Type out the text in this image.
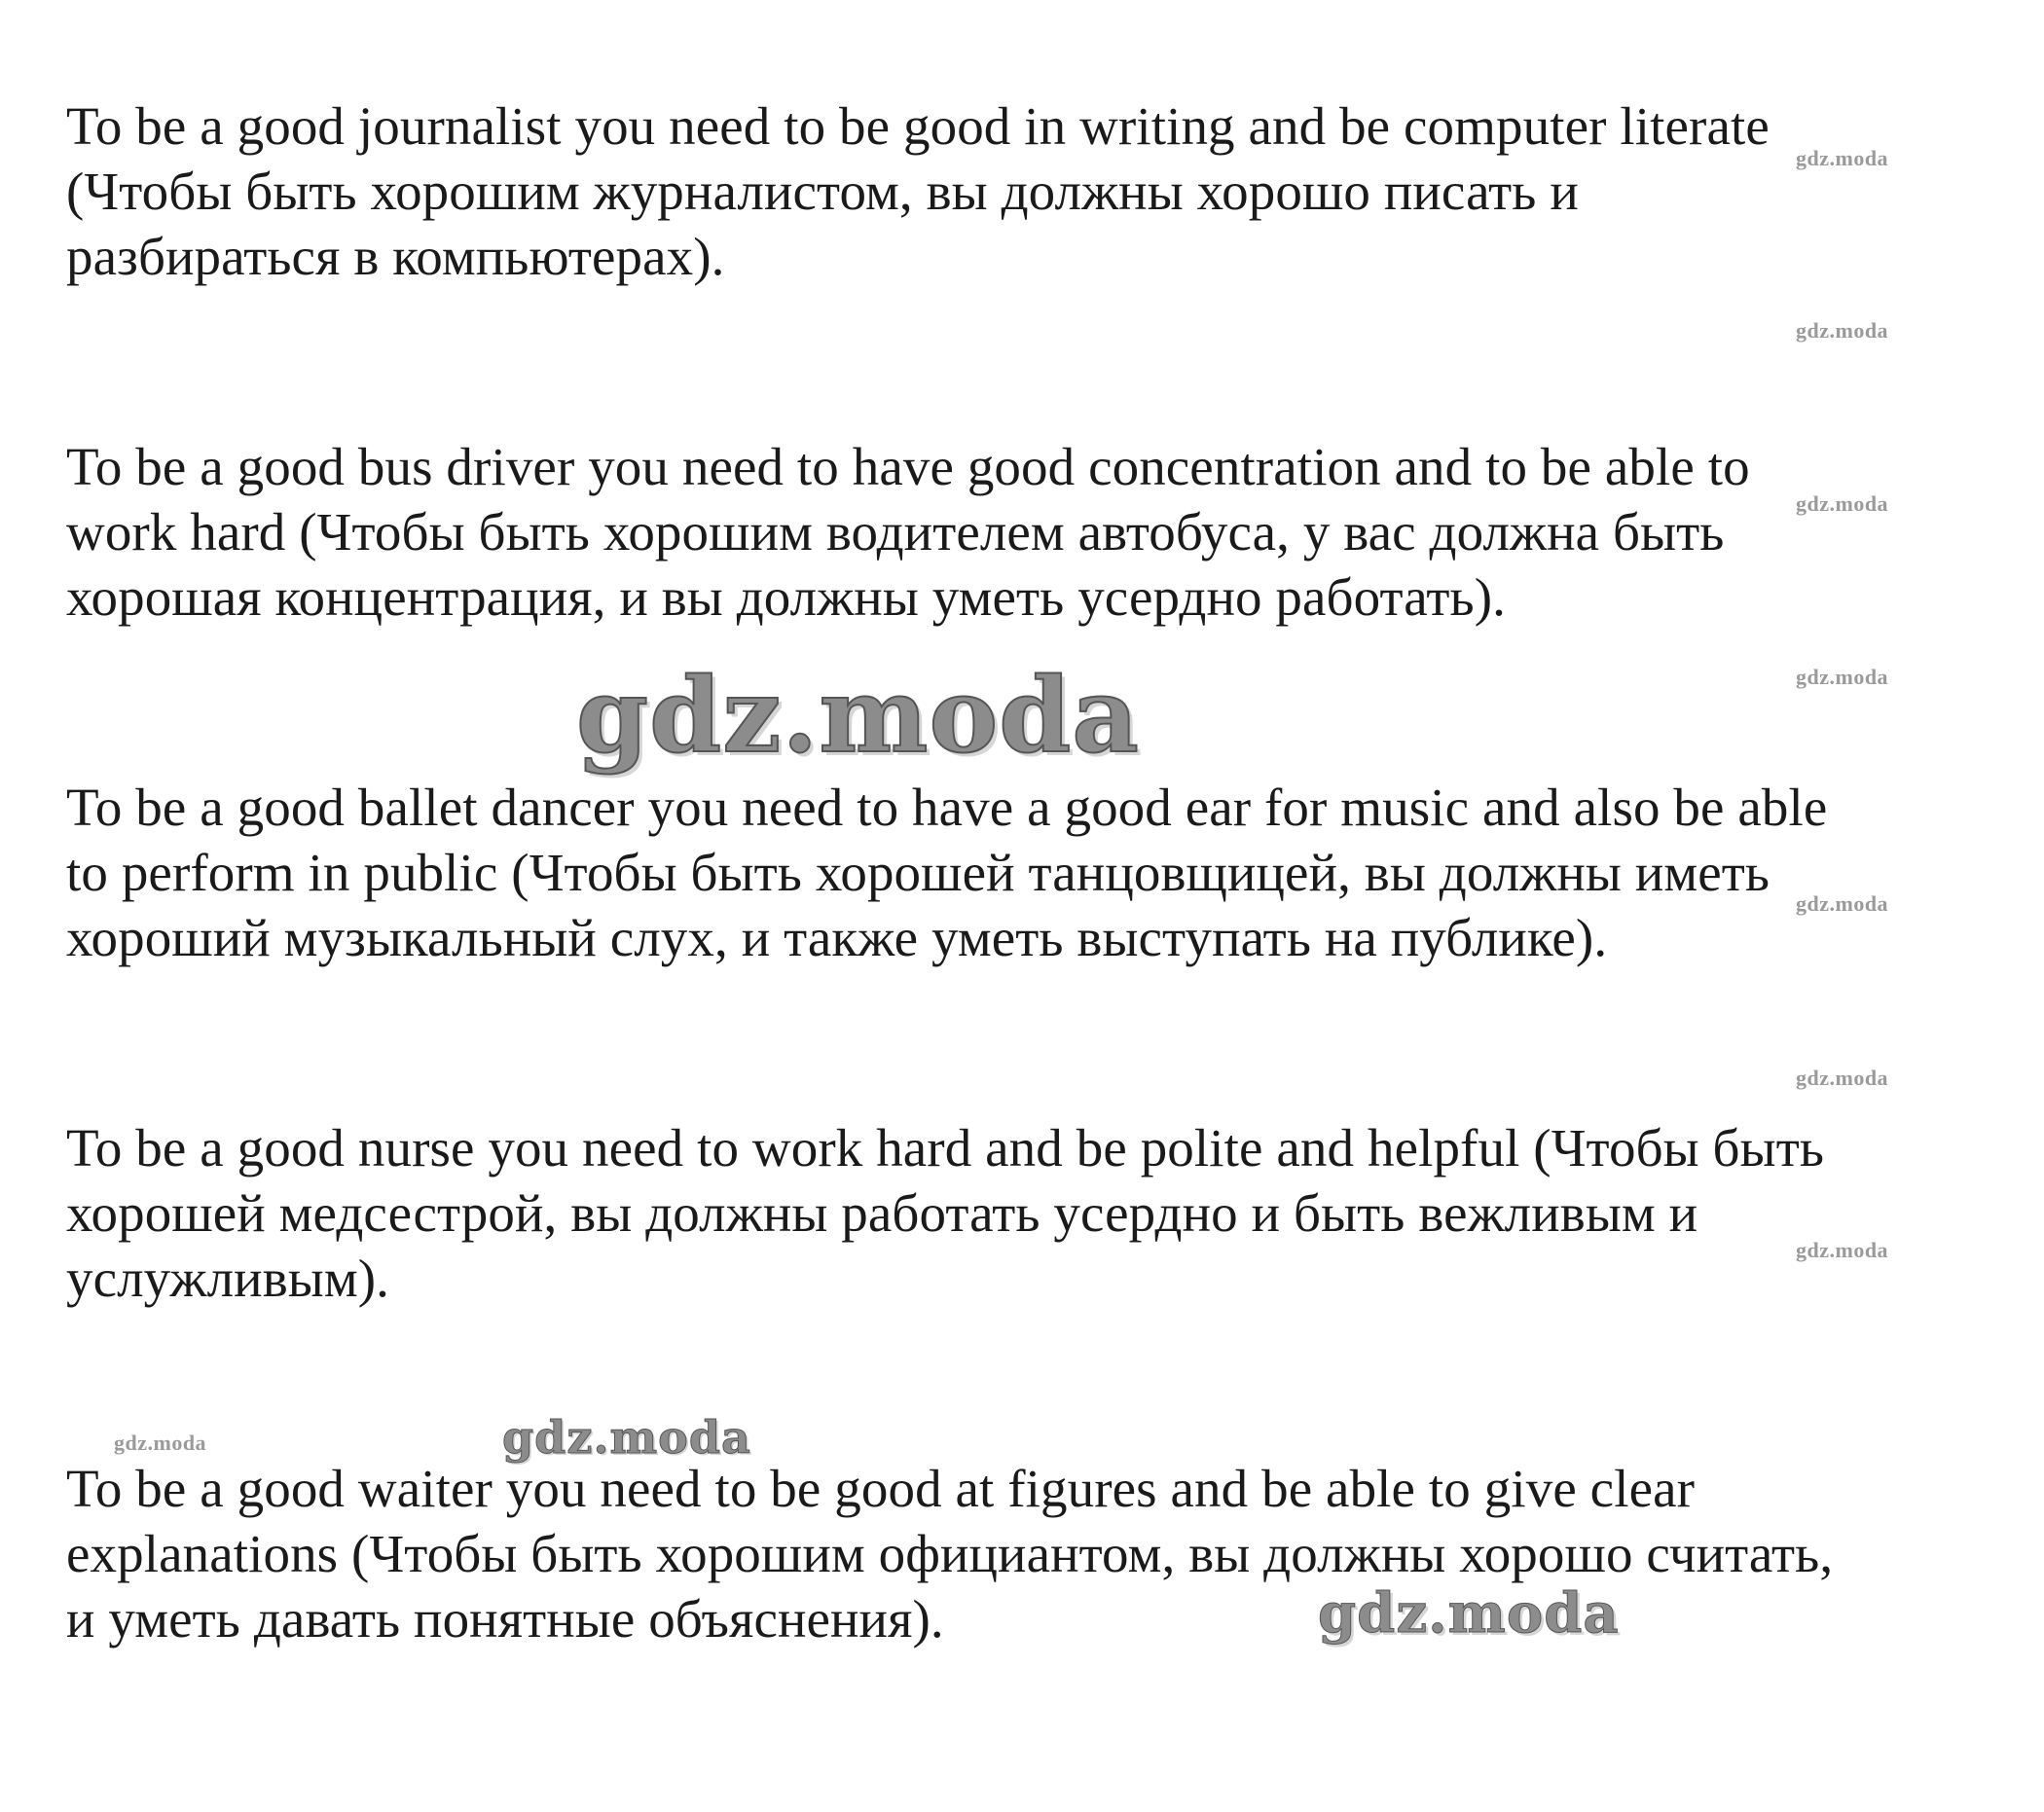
To be a good journalist you need to be good in writing and be computer literate
(Чтобы быть хорошим журналистом, вы должны хорошо писать и
разбираться в компьютерах).

To be a good bus driver you need to have good concentration and to be able to
work hard (Чтобы быть хорошим водителем автобуса, у вас должна быть
хорошая концентрация, и вы должны уметь усердно работать).

To be a good ballet dancer you need to have a good ear for music and also be able
to perform in public (Чтобы быть хорошей танцовщицей, вы должны иметь
хороший музыкальный слух, и также уметь выступать на публике).

To be a good nurse you need to work hard and be polite and helpful (Чтобы быть
хорошей медсестрой, вы должны работать усердно и быть вежливым и
услужливым).

To be a good waiter you need to be good at figures and be able to give clear
explanations (Чтобы быть хорошим официантом, вы должны хорошо считать,
и уметь давать понятные объяснения).

gdz.moda
gdz.moda
gdz.moda
gdz.moda
gdz.moda
gdz.moda
gdz.moda
gdz.moda
gdz.moda
gdz.moda
gdz.moda
